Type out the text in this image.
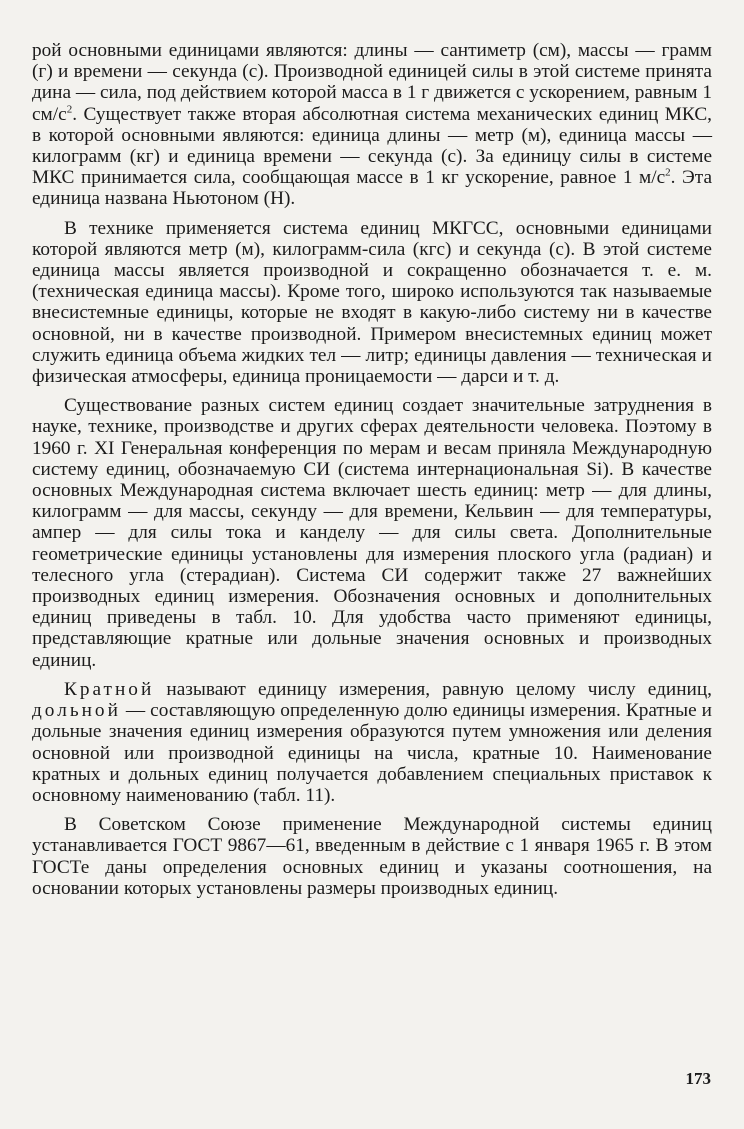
рой основными единицами являются: длины — сантиметр (см), массы — грамм (г) и времени — секунда (с). Производной единицей силы в этой системе принята дина — сила, под действием которой масса в 1 г движется с ускорением, равным 1 $см/с^2$. Существует также вторая абсолютная система механических единиц МКС, в которой основными являются: единица длины — метр (м), единица массы — килограмм (кг) и единица времени — секунда (с). За единицу силы в системе МКС принимается сила, сообщающая массе в 1 кг ускорение, равное 1 $м/с^2$. Эта единица названа Ньютоном (Н).

В технике применяется система единиц МКГСС, основными единицами которой являются метр (м), килограмм-сила (кгс) и секунда (с). В этой системе единица массы является производной и сокращенно обозначается т. е. м. (техническая единица массы). Кроме того, широко используются так называемые внесистемные единицы, которые не входят в какую-либо систему ни в качестве основной, ни в качестве производной. Примером внесистемных единиц может служить единица объема жидких тел — литр; единицы давления — техническая и физическая атмосферы, единица проницаемости — дарси и т. д.

Существование разных систем единиц создает значительные затруднения в науке, технике, производстве и других сферах деятельности человека. Поэтому в 1960 г. XI Генеральная конференция по мерам и весам приняла Международную систему единиц, обозначаемую СИ (система интернациональная Si). В качестве основных Международная система включает шесть единиц: метр — для длины, килограмм — для массы, секунду — для времени, Кельвин — для температуры, ампер — для силы тока и канделу — для силы света. Дополнительные геометрические единицы установлены для измерения плоского угла (радиан) и телесного угла (стерадиан). Система СИ содержит также 27 важнейших производных единиц измерения. Обозначения основных и дополнительных единиц приведены в табл. 10. Для удобства часто применяют единицы, представляющие кратные или дольные значения основных и производных единиц.

Кратной называют единицу измерения, равную целому числу единиц, дольной — составляющую определенную долю единицы измерения. Кратные и дольные значения единиц измерения образуются путем умножения или деления основной или производной единицы на числа, кратные 10. Наименование кратных и дольных единиц получается добавлением специальных приставок к основному наименованию (табл. 11).

В Советском Союзе применение Международной системы единиц устанавливается ГОСТ 9867—61, введенным в действие с 1 января 1965 г. В этом ГОСТе даны определения основных единиц и указаны соотношения, на основании которых установлены размеры производных единиц.

173
